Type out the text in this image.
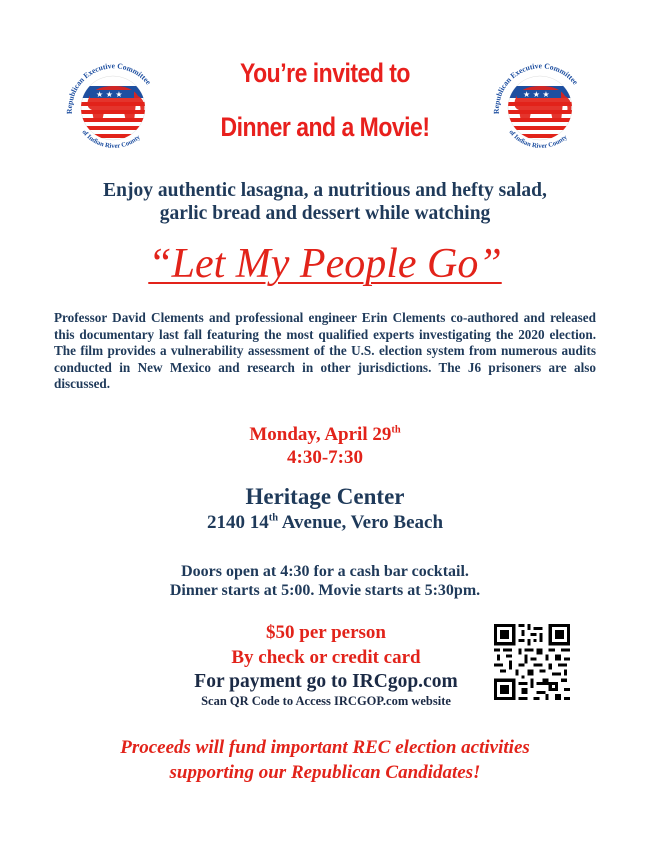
★ ★ ★
Republican Executive Committee
of Indian River County
★ ★ ★
Republican Executive Committee
of Indian River County
You’re invited to
Dinner and a Movie!
Enjoy authentic lasagna, a nutritious and hefty salad,
garlic bread and dessert while watching
“Let My People Go”
Professor David Clements and professional engineer Erin Clements co-authored and released this documentary last fall featuring the most qualified experts investigating the 2020 election. The film provides a vulnerability assessment of the U.S. election system from numerous audits conducted in New Mexico and research in other jurisdictions. The J6 prisoners are also discussed.
Monday, April 29th
4:30-7:30
Heritage Center
2140 14th Avenue, Vero Beach
Doors open at 4:30 for a cash bar cocktail.
Dinner starts at 5:00. Movie starts at 5:30pm.
$50 per person
By check or credit card
For payment go to IRCgop.com
Scan QR Code to Access IRCGOP.com website
Proceeds will fund important REC election activities
supporting our Republican Candidates!
